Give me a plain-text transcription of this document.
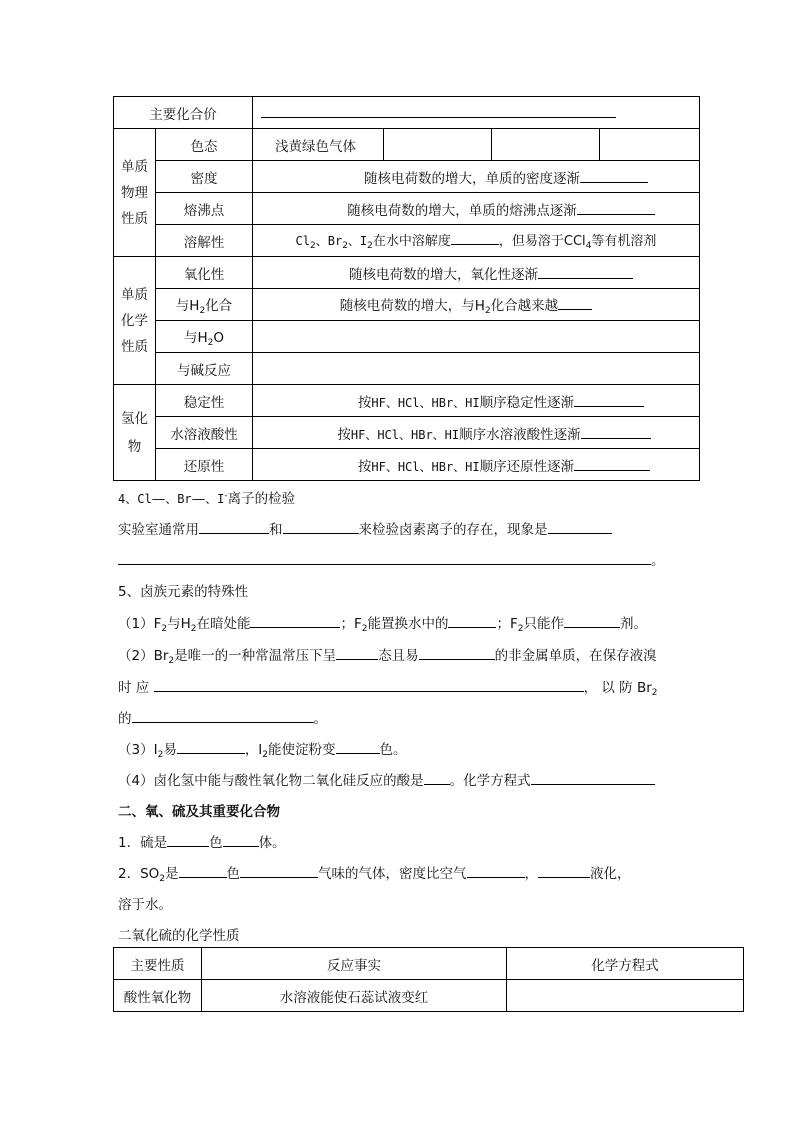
主要化合价		
单质
物理
性质	色态	浅黄绿色气体

	密度	随核电荷数的增大，单质的密度逐渐
	熔沸点	随核电荷数的增大，单质的熔沸点逐渐
	溶解性	$Cl_2$、$Br_2$、$I_2$在水中溶解度 ，但易溶于CCl$_4$等有机溶剂
单质
化学
性质	氧化性	随核电荷数的增大，氧化性逐渐
	与$H_2$化合	随核电荷数的增大，与$H_2$化合越来越
	与$H_2O$	
	与碱反应	
氢化
物	稳定性	按HF、HCl、HBr、HI顺序稳定性逐渐
	水溶液酸性	按HF、HCl、HBr、HI顺序水溶液酸性逐渐
	还原性	按HF、HCl、HBr、HI顺序还原性逐渐
4、Cl—、Br—、I-离子的检验
实验室通常用	和	来检验卤素离子的存在，现象是
。
5、卤族元素的特殊性
$(1)F_2$与$H_2$在暗处能	；$F_2$能置换水中的	；$F_2$只能作	剂。
$(2)Br_2$是唯一的一种常温常压下呈	态且易	的非金属单质，在保存液溴
时 应	， 以 防 $Br_2$
的	。
$(3)I_2$易	，$I_2$能使淀粉变	色。
（4）卤化氢中能与酸性氧化物二氧化硅反应的酸是 。化学方程式
二、氧、硫及其重要化合物
1．硫是	色	体。
2．$SO_2$是	色	气味的气体，密度比空气	，	液化，
溶于水。
二氧化硫的化学性质
主要性质	反应事实	化学方程式
酸性氧化物	水溶液能使石蕊试液变红	
